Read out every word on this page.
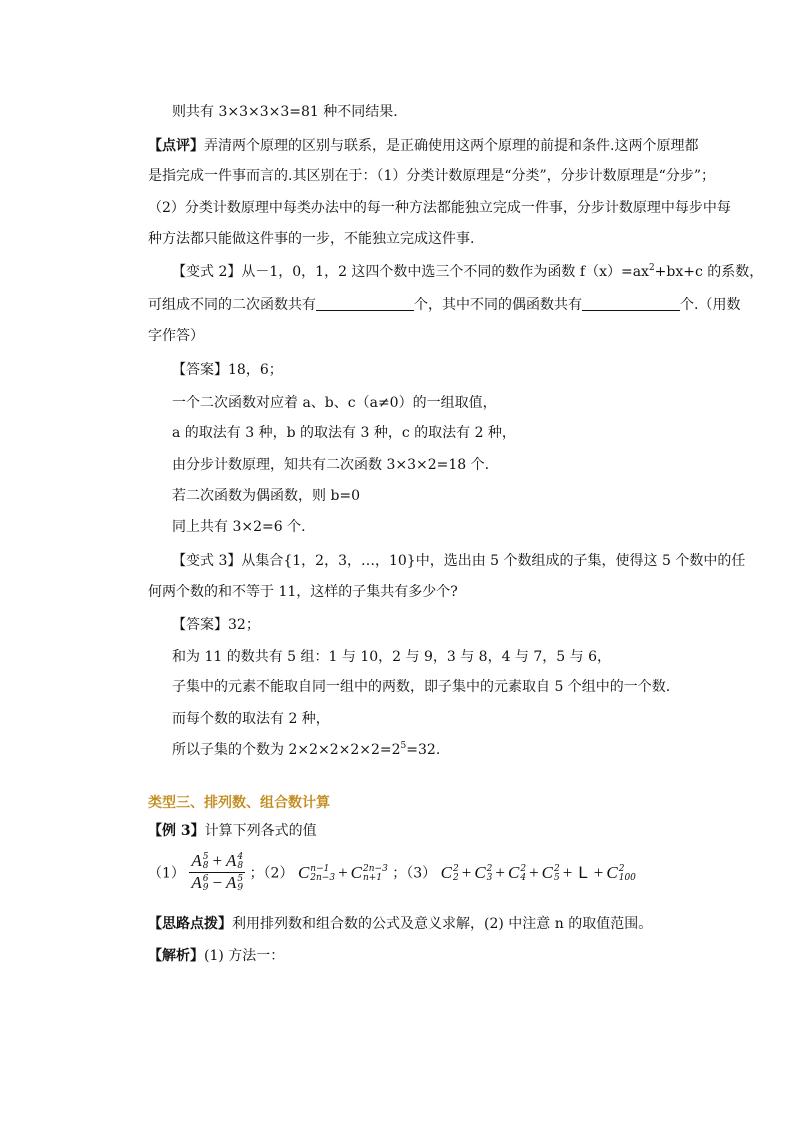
则共有 3×3×3×3=81 种不同结果.
【点评】弄清两个原理的区别与联系，是正确使用这两个原理的前提和条件.这两个原理都
是指完成一件事而言的.其区别在于：（1）分类计数原理是“分类”，分步计数原理是“分步”；
（2）分类计数原理中每类办法中的每一种方法都能独立完成一件事，分步计数原理中每步中每
种方法都只能做这件事的一步，不能独立完成这件事.
【变式 2】从－1，0，1，2 这四个数中选三个不同的数作为函数 $f(x)=ax^2+bx+c$ 的系数，
可组成不同的二次函数共有	个，其中不同的偶函数共有	个.（用数
字作答）
【答案】18，6；
一个二次函数对应着 a、b、c（a≠0）的一组取值，
a 的取法有 3 种，b 的取法有 3 种，c 的取法有 2 种，
由分步计数原理，知共有二次函数 3×3×2=18 个.
若二次函数为偶函数，则 b=0
同上共有 3×2=6 个.
【变式 3】从集合{1，2，3，…，10}中，选出由 5 个数组成的子集，使得这 5 个数中的任
何两个数的和不等于 11，这样的子集共有多少个?
【答案】32；
和为 11 的数共有 5 组：1 与 10，2 与 9，3 与 8，4 与 7，5 与 6，
子集中的元素不能取自同一组中的两数，即子集中的元素取自 5 个组中的一个数.
而每个数的取法有 2 种，
所以子集的个数为 $2\times 2\times 2\times 2\times 2=2^5=32$.
类型三、排列数、组合数计算
【例 3】计算下列各式的值
（1） A 5
8 + A 4
8
A 6
9 − A 5
9 ；（2） C n−1
2n−3 + C 2n−3
n+1 ；（3） C 2
2 + C 2
3 + C 2
4 + C 2
5 + L + C 2
100
【思路点拨】利用排列数和组合数的公式及意义求解，(2) 中注意 n 的取值范围。
【解析】(1) 方法一：
